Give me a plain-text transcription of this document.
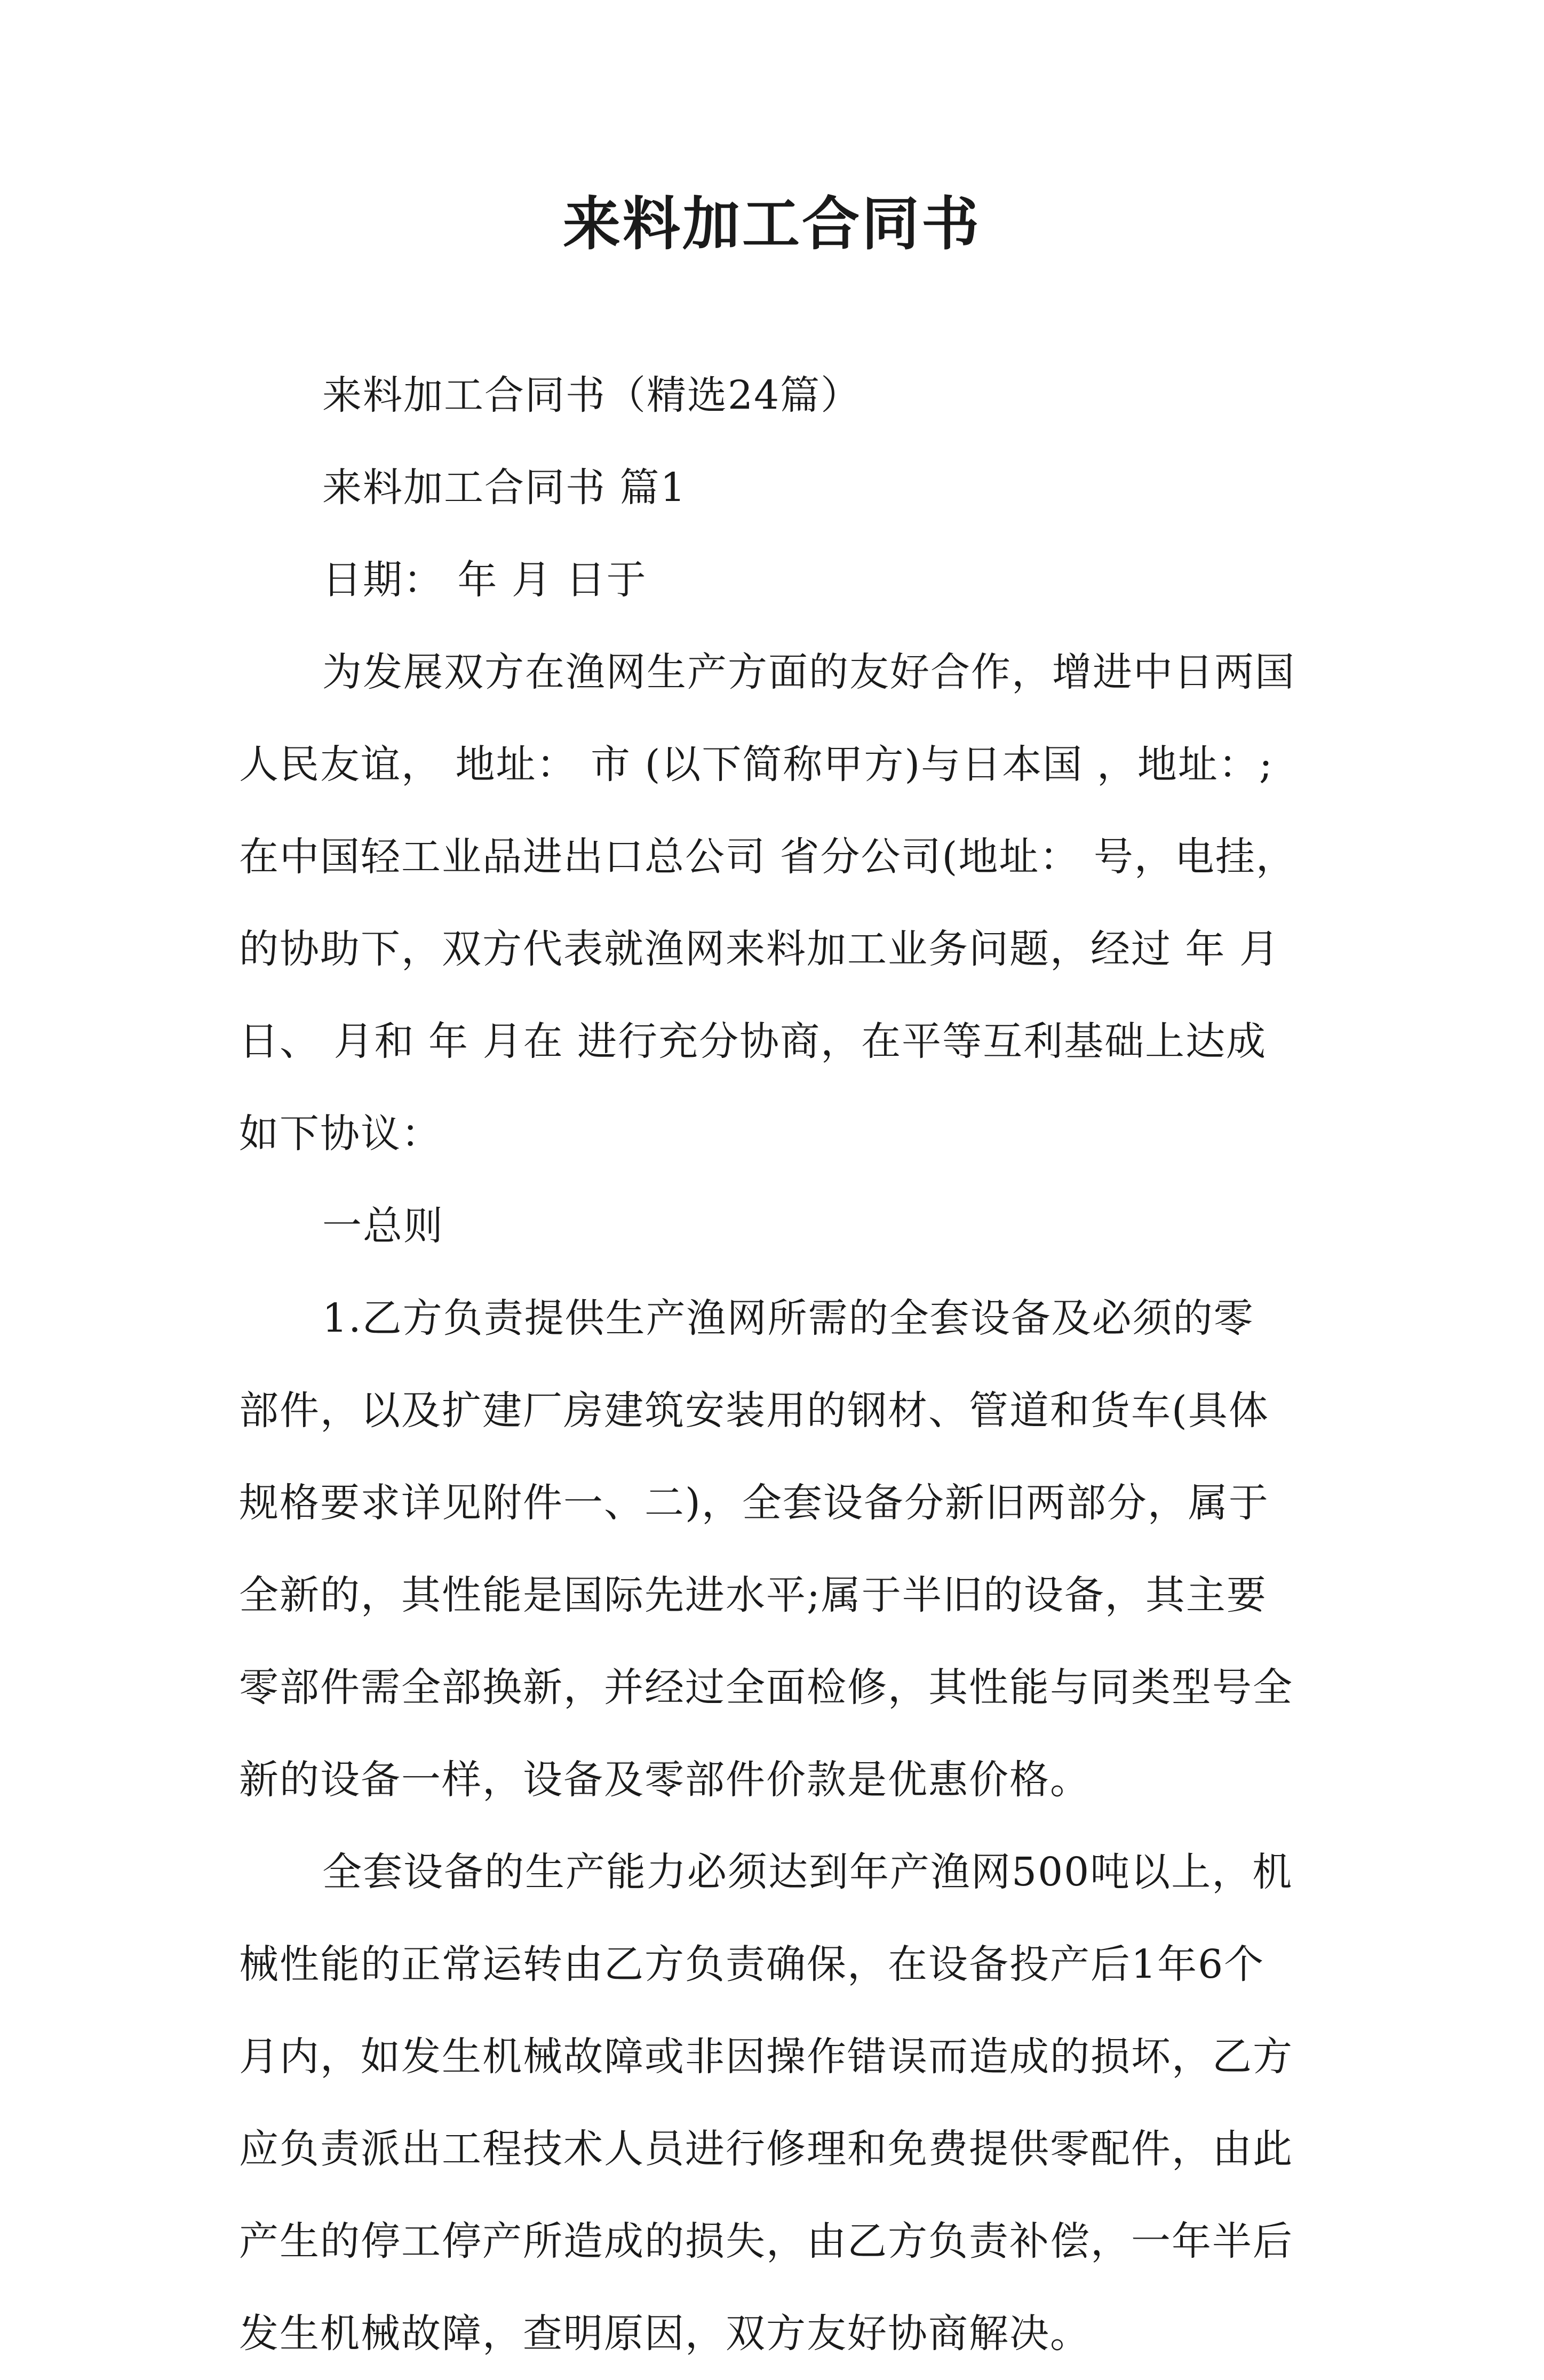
来料加工合同书
来料加工合同书（精选24篇）
来料加工合同书 篇1
日期： 年 月 日于
为发展双方在渔网生产方面的友好合作，增进中日两国
人民友谊， 地址： 市 (以下简称甲方)与日本国 ，地址：;
在中国轻工业品进出口总公司 省分公司(地址： 号，电挂，
的协助下，双方代表就渔网来料加工业务问题，经过 年 月
日、 月和 年 月在 进行充分协商，在平等互利基础上达成
如下协议：
一总则
1.乙方负责提供生产渔网所需的全套设备及必须的零
部件，以及扩建厂房建筑安装用的钢材、管道和货车(具体
规格要求详见附件一、二)，全套设备分新旧两部分，属于
全新的，其性能是国际先进水平;属于半旧的设备，其主要
零部件需全部换新，并经过全面检修，其性能与同类型号全
新的设备一样，设备及零部件价款是优惠价格。
全套设备的生产能力必须达到年产渔网500吨以上，机
械性能的正常运转由乙方负责确保，在设备投产后1年6个
月内，如发生机械故障或非因操作错误而造成的损坏，乙方
应负责派出工程技术人员进行修理和免费提供零配件，由此
产生的停工停产所造成的损失，由乙方负责补偿，一年半后
发生机械故障，查明原因，双方友好协商解决。
